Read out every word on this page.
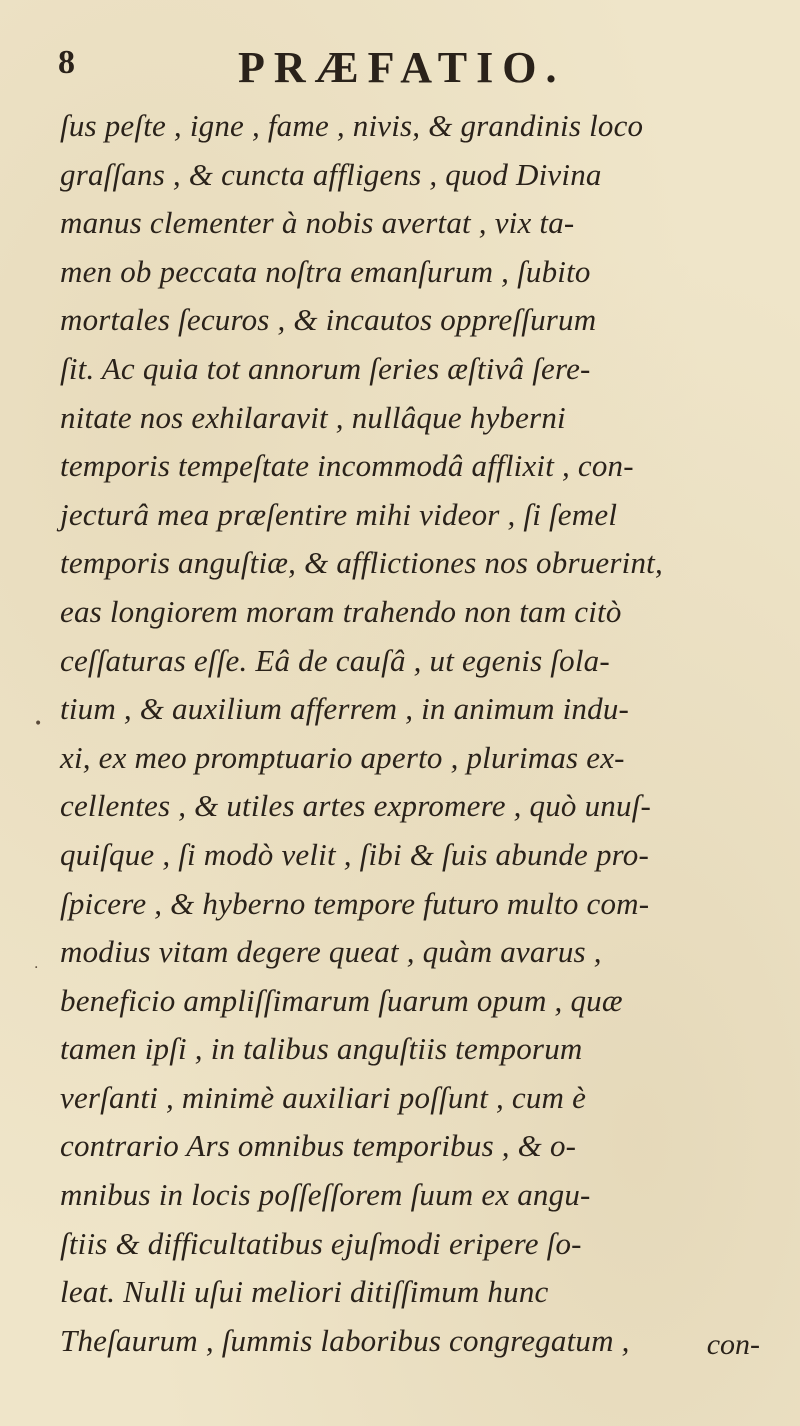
8	PRÆFATIO.
ſus peſte , igne , fame , nivis, & grandinis loco
graſſans , & cuncta affligens , quod Divina
manus clementer à nobis avertat , vix ta-
men ob peccata noſtra emanſurum , ſubito
mortales ſecuros , & incautos oppreſſurum
ſit. Ac quia tot annorum ſeries æſtivâ ſere-
nitate nos exhilaravit , nullâque hyberni
temporis tempeſtate incommodâ afflixit , con-
jecturâ mea præſentire mihi videor , ſi ſemel
temporis anguſtiæ, & afflictiones nos obruerint,
eas longiorem moram trahendo non tam citò
ceſſaturas eſſe. Eâ de cauſâ , ut egenis ſola-
tium , & auxilium afferrem , in animum indu-
xi, ex meo promptuario aperto , plurimas ex-
cellentes , & utiles artes expromere , quò unuſ-
quiſque , ſi modò velit , ſibi & ſuis abunde pro-
ſpicere , & hyberno tempore futuro multo com-
modius vitam degere queat , quàm avarus ,
beneficio ampliſſimarum ſuarum opum , quæ
tamen ipſi , in talibus anguſtiis temporum
verſanti , minimè auxiliari poſſunt , cum è
contrario Ars omnibus temporibus , & o-
mnibus in locis poſſeſſorem ſuum ex angu-
ſtiis & difficultatibus ejuſmodi eripere ſo-
leat. Nulli uſui meliori ditiſſimum hunc
Theſaurum , ſummis laboribus congregatum ,
•
·
con-
